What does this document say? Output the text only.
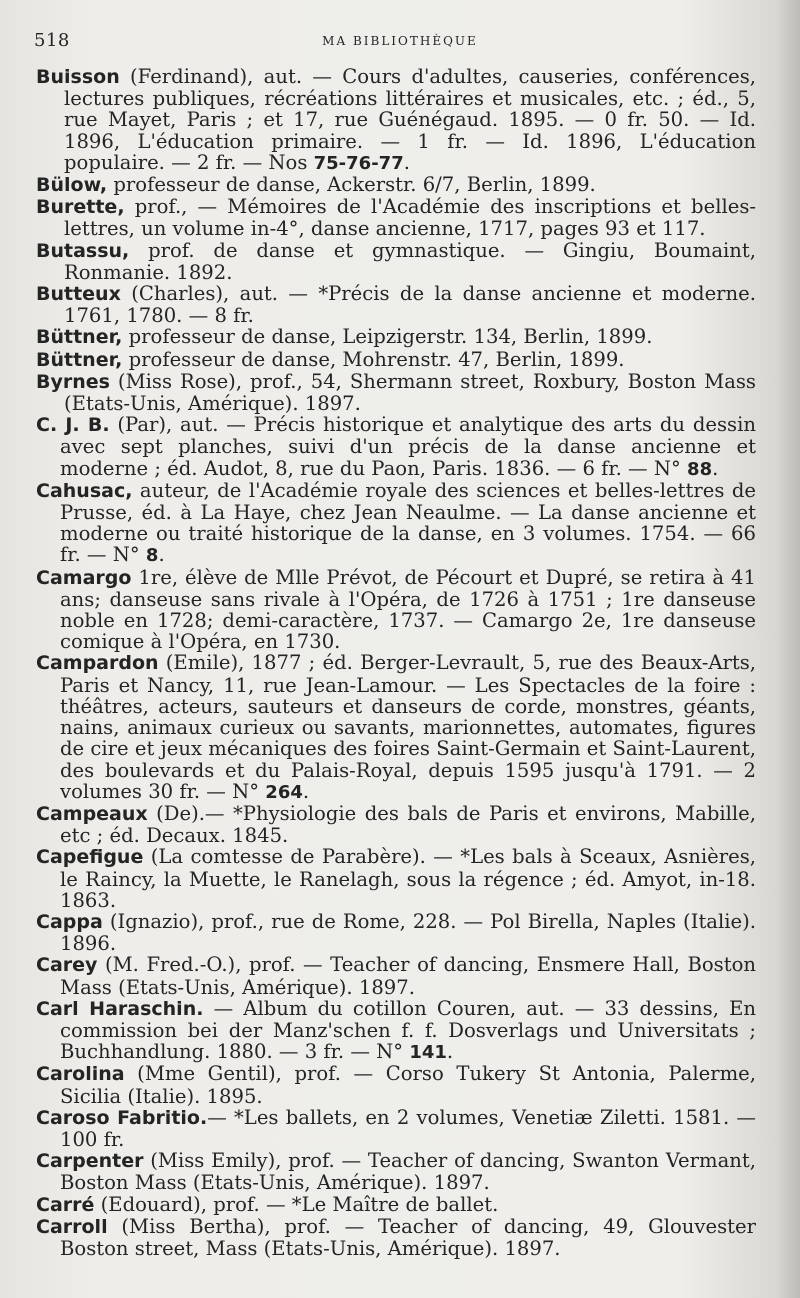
518	MA BIBLIOTHÈQUE

Buisson (Ferdinand), aut. — Cours d'adultes, causeries, conférences, lectures publiques, récréations littéraires et musicales, etc. ; éd., 5, rue Mayet, Paris ; et 17, rue Guénégaud. 1895. — 0 fr. 50. — Id. 1896, L'éducation primaire. — 1 fr. — Id. 1896, L'éducation populaire. — 2 fr. — Nos 75-76-77.

Bülow, professeur de danse, Ackerstr. 6/7, Berlin, 1899.

Burette, prof., — Mémoires de l'Académie des inscriptions et belles-lettres, un volume in-4°, danse ancienne, 1717, pages 93 et 117.

Butassu, prof. de danse et gymnastique. — Gingiu, Boumaint, Ronmanie. 1892.

Butteux (Charles), aut. — *Précis de la danse ancienne et moderne. 1761, 1780. — 8 fr.

Büttner, professeur de danse, Leipzigerstr. 134, Berlin, 1899.

Büttner, professeur de danse, Mohrenstr. 47, Berlin, 1899.

Byrnes (Miss Rose), prof., 54, Shermann street, Roxbury, Boston Mass (Etats-Unis, Amérique). 1897.

C. J. B. (Par), aut. — Précis historique et analytique des arts du dessin avec sept planches, suivi d'un précis de la danse ancienne et moderne ; éd. Audot, 8, rue du Paon, Paris. 1836. — 6 fr. — N° 88.

Cahusac, auteur, de l'Académie royale des sciences et belles-lettres de Prusse, éd. à La Haye, chez Jean Neaulme. — La danse ancienne et moderne ou traité historique de la danse, en 3 volumes. 1754. — 66 fr. — N° 8.

Camargo 1re, élève de Mlle Prévot, de Pécourt et Dupré, se retira à 41 ans; danseuse sans rivale à l'Opéra, de 1726 à 1751 ; 1re danseuse noble en 1728; demi-caractère, 1737. — Camargo 2e, 1re danseuse comique à l'Opéra, en 1730.

Campardon (Emile), 1877 ; éd. Berger-Levrault, 5, rue des Beaux-Arts, Paris et Nancy, 11, rue Jean-Lamour. — Les Spectacles de la foire : théâtres, acteurs, sauteurs et danseurs de corde, monstres, géants, nains, animaux curieux ou savants, marionnettes, automates, figures de cire et jeux mécaniques des foires Saint-Germain et Saint-Laurent, des boulevards et du Palais-Royal, depuis 1595 jusqu'à 1791. — 2 volumes 30 fr. — N° 264.

Campeaux (De).— *Physiologie des bals de Paris et environs, Mabille, etc ; éd. Decaux. 1845.

Capefigue (La comtesse de Parabère). — *Les bals à Sceaux, Asnières, le Raincy, la Muette, le Ranelagh, sous la régence ; éd. Amyot, in-18. 1863.

Cappa (Ignazio), prof., rue de Rome, 228. — Pol Birella, Naples (Italie). 1896.

Carey (M. Fred.-O.), prof. — Teacher of dancing, Ensmere Hall, Boston Mass (Etats-Unis, Amérique). 1897.

Carl Haraschin. — Album du cotillon Couren, aut. — 33 dessins, En commission bei der Manz'schen f. f. Dosverlags und Universitats ; Buchhandlung. 1880. — 3 fr. — N° 141.

Carolina (Mme Gentil), prof. — Corso Tukery St Antonia, Palerme, Sicilia (Italie). 1895.

Caroso Fabritio.— *Les ballets, en 2 volumes, Venetiæ Ziletti. 1581. — 100 fr.

Carpenter (Miss Emily), prof. — Teacher of dancing, Swanton Vermant, Boston Mass (Etats-Unis, Amérique). 1897.

Carré (Edouard), prof. — *Le Maître de ballet.

Carroll (Miss Bertha), prof. — Teacher of dancing, 49, Glouvester Boston street, Mass (Etats-Unis, Amérique). 1897.
